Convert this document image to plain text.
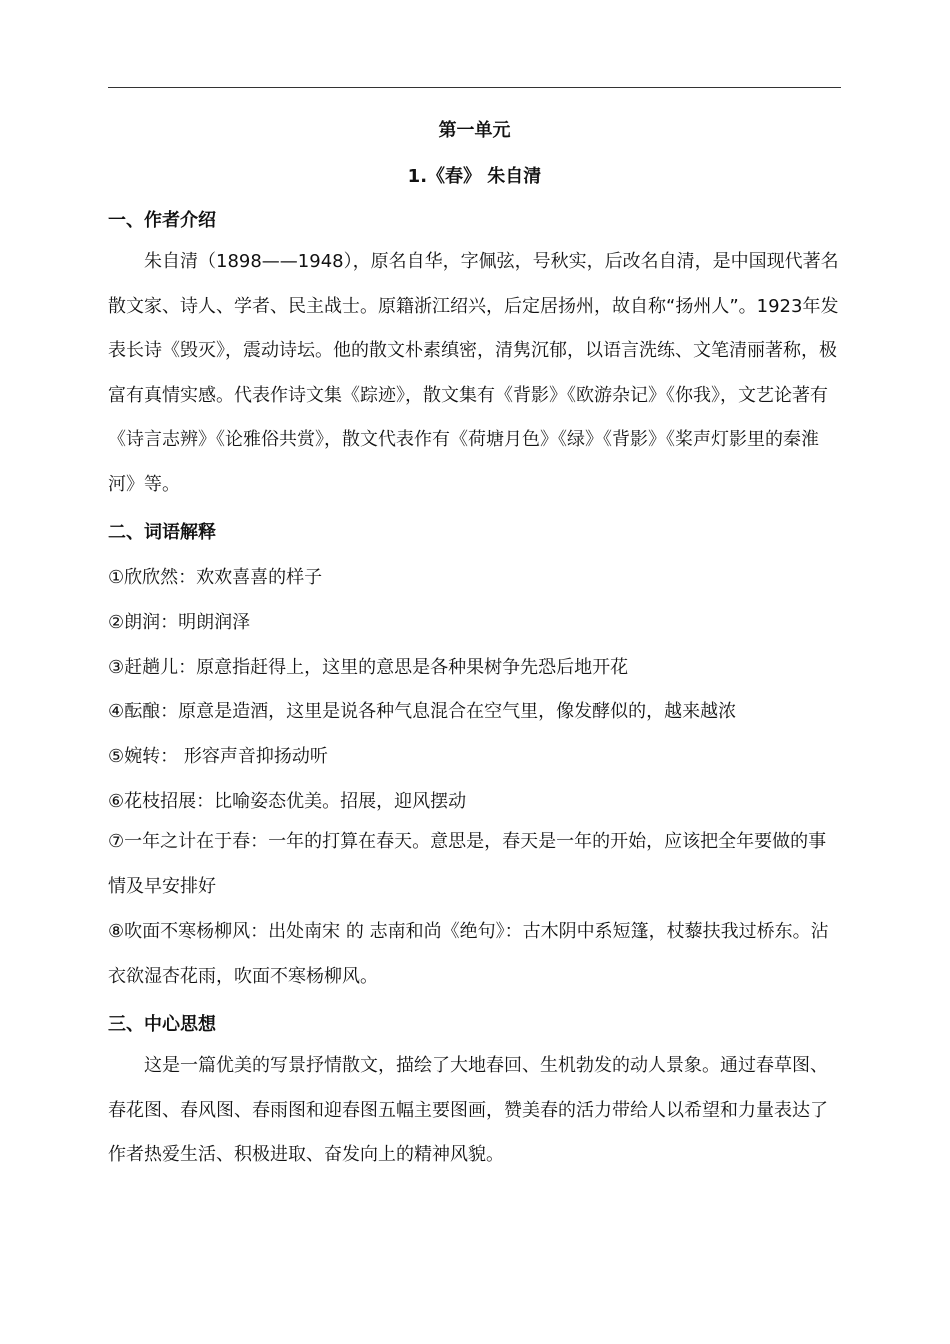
第一单元
1.《春》 朱自清
一、作者介绍
朱自清（1898——1948），原名自华，字佩弦，号秋实，后改名自清，是中国现代著名散文家、诗人、学者、民主战士。原籍浙江绍兴，后定居扬州，故自称“扬州人”。1923年发表长诗《毁灭》，震动诗坛。他的散文朴素缜密，清隽沉郁，以语言洗练、文笔清丽著称，极富有真情实感。代表作诗文集《踪迹》，散文集有《背影》《欧游杂记》《你我》，文艺论著有《诗言志辨》《论雅俗共赏》，散文代表作有《荷塘月色》《绿》《背影》《桨声灯影里的秦淮河》等。
二、词语解释
①欣欣然：欢欢喜喜的样子
②朗润：明朗润泽
③赶趟儿：原意指赶得上，这里的意思是各种果树争先恐后地开花
④酝酿：原意是造酒，这里是说各种气息混合在空气里，像发酵似的，越来越浓
⑤婉转： 形容声音抑扬动听
⑥花枝招展：比喻姿态优美。招展，迎风摆动
⑦一年之计在于春：一年的打算在春天。意思是，春天是一年的开始，应该把全年要做的事情及早安排好
⑧吹面不寒杨柳风：出处南宋 的 志南和尚《绝句》：古木阴中系短篷，杖藜扶我过桥东。沾衣欲湿杏花雨，吹面不寒杨柳风。
三、中心思想
这是一篇优美的写景抒情散文，描绘了大地春回、生机勃发的动人景象。通过春草图、春花图、春风图、春雨图和迎春图五幅主要图画，赞美春的活力带给人以希望和力量表达了作者热爱生活、积极进取、奋发向上的精神风貌。
